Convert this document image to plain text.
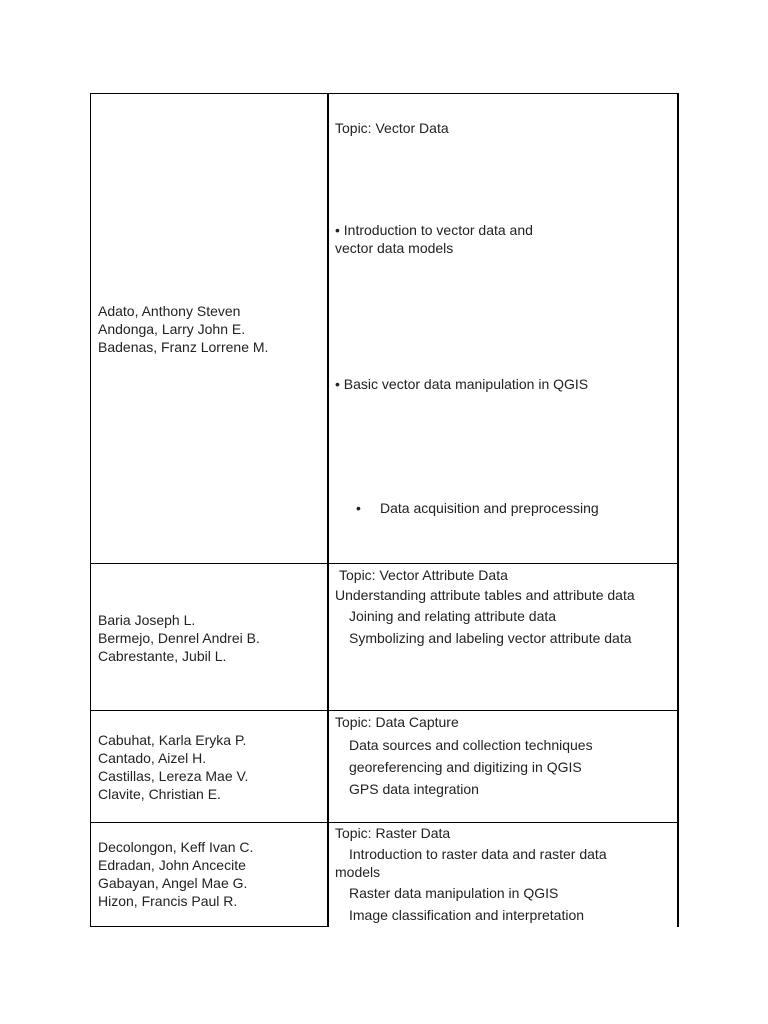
Adato, Anthony Steven
Andonga, Larry John E.
Badenas, Franz Lorrene M.
Topic: Vector Data
• Introduction to vector data and
vector data models
• Basic vector data manipulation in QGIS
•	Data acquisition and preprocessing
Baria Joseph L.
Bermejo, Denrel Andrei B.
Cabrestante, Jubil L.
Topic: Vector Attribute Data
Understanding attribute tables and attribute data
Joining and relating attribute data
Symbolizing and labeling vector attribute data
Cabuhat, Karla Eryka P.
Cantado, Aizel H.
Castillas, Lereza Mae V.
Clavite, Christian E.
Topic: Data Capture
Data sources and collection techniques
georeferencing and digitizing in QGIS
GPS data integration
Decolongon, Keff Ivan C.
Edradan, John Ancecite
Gabayan, Angel Mae G.
Hizon, Francis Paul R.
Topic: Raster Data
Introduction to raster data and raster data models
Raster data manipulation in QGIS
Image classification and interpretation
